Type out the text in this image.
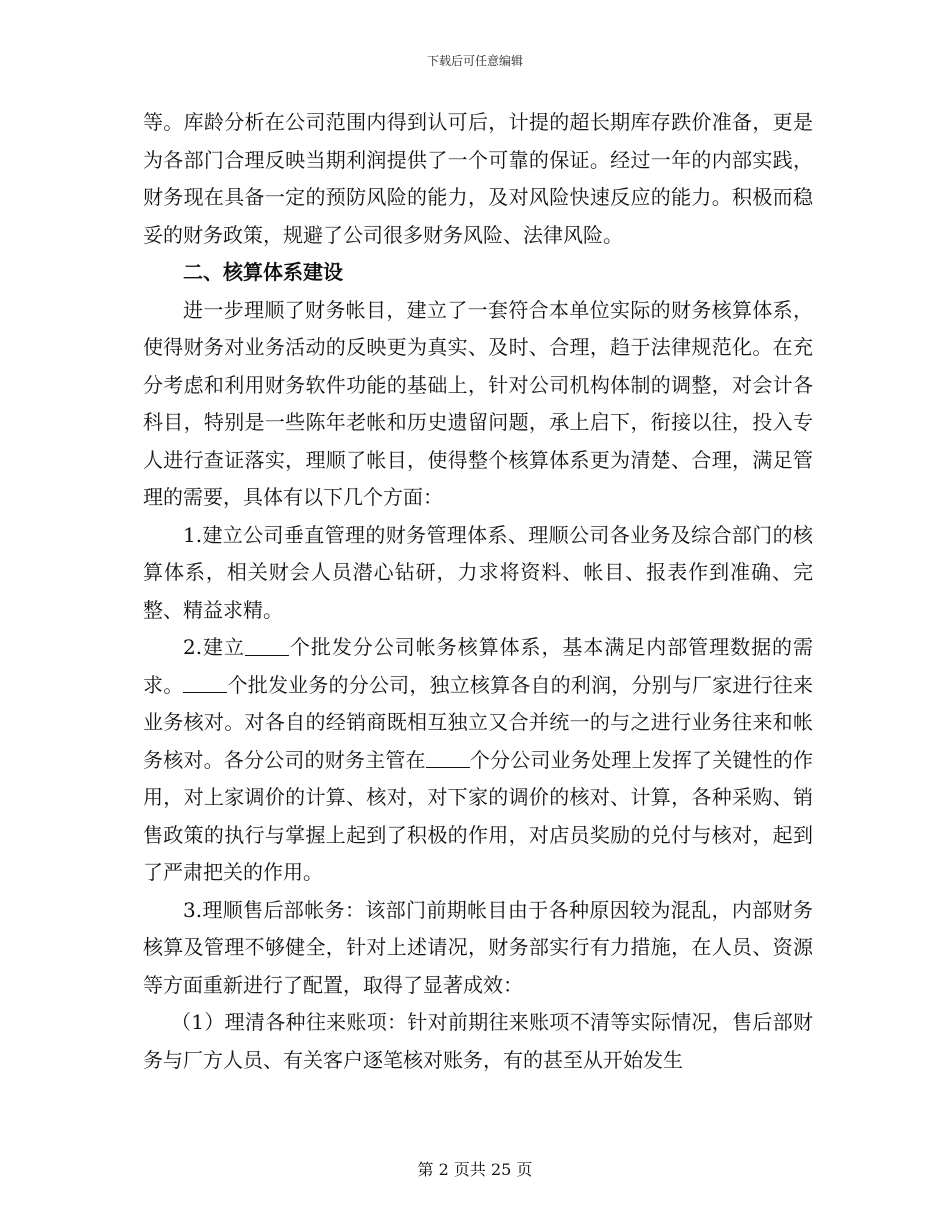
下载后可任意编辑

等。库龄分析在公司范围内得到认可后，计提的超长期库存跌价准备，更是为各部门合理反映当期利润提供了一个可靠的保证。经过一年的内部实践，财务现在具备一定的预防风险的能力，及对风险快速反应的能力。积极而稳妥的财务政策，规避了公司很多财务风险、法律风险。

二、核算体系建设

进一步理顺了财务帐目，建立了一套符合本单位实际的财务核算体系，使得财务对业务活动的反映更为真实、及时、合理，趋于法律规范化。在充分考虑和利用财务软件功能的基础上，针对公司机构体制的调整，对会计各科目，特别是一些陈年老帐和历史遗留问题，承上启下，衔接以往，投入专人进行查证落实，理顺了帐目，使得整个核算体系更为清楚、合理，满足管理的需要，具体有以下几个方面：

1.建立公司垂直管理的财务管理体系、理顺公司各业务及综合部门的核算体系，相关财会人员潜心钻研，力求将资料、帐目、报表作到准确、完整、精益求精。

2.建立 个批发分公司帐务核算体系，基本满足内部管理数据的需求。 个批发业务的分公司，独立核算各自的利润，分别与厂家进行往来业务核对。对各自的经销商既相互独立又合并统一的与之进行业务往来和帐务核对。各分公司的财务主管在 个分公司业务处理上发挥了关键性的作用，对上家调价的计算、核对，对下家的调价的核对、计算，各种采购、销售政策的执行与掌握上起到了积极的作用，对店员奖励的兑付与核对，起到了严肃把关的作用。

3.理顺售后部帐务：该部门前期帐目由于各种原因较为混乱，内部财务核算及管理不够健全，针对上述请况，财务部实行有力措施，在人员、资源等方面重新进行了配置，取得了显著成效：

（1）理清各种往来账项：针对前期往来账项不清等实际情况，售后部财务与厂方人员、有关客户逐笔核对账务，有的甚至从开始发生

第 2 页共 25 页
